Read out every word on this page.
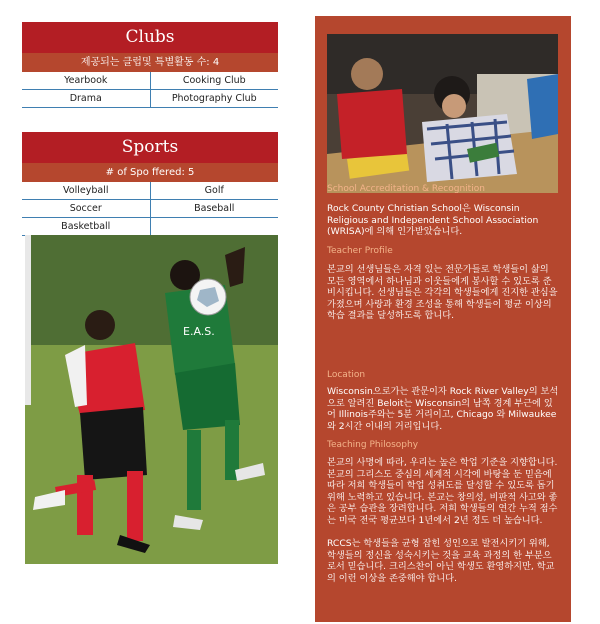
Clubs
제공되는 클럽및 특별활동 수: 4
Yearbook	Cooking Club
Drama	Photography Club
Sports
# of Spo ffered: 5
Volleyball	Golf
Soccer	Baseball
Basketball	
E.A.S.
School Accreditation & Recognition
Rock County Christian School은 Wisconsin Religious and Independent School Association (WRISA)에 의해 인가받았습니다.
Teacher Profile
본교의 선생님들은 자격 있는 전문가들로 학생들이 삶의 모든 영역에서 하나님과 이웃들에게 봉사할 수 있도록 준비시킵니다. 선생님들은 각각의 학생들에게 진지한 관심을 가졌으며 사랑과 환경 조성을 통해 학생들이 평균 이상의 학습 결과를 달성하도록 합니다.
Location
Wisconsin으로가는 관문이자 Rock River Valley의 보석으로 알려진 Beloit는 Wisconsin의 남쪽 경계 부근에 있어 Illinois주와는 5분 거리이고, Chicago 와 Milwaukee와 2시간 이내의 거리입니다.
Teaching Philosophy
본교의 사명에 따라, 우리는 높은 학업 기준을 지향합니다. 본교의 그리스도 중심의 세계적 시각에 바탕을 둔 믿음에 따라 저희 학생들이 학업 성취도를 달성할 수 있도록 돕기 위해 노력하고 있습니다. 본교는 창의성, 비판적 사고와 좋은 공부 습관을 장려합니다. 저희 학생들의 연간 누적 점수는 미국 전국 평균보다 1년에서 2년 정도 더 높습니다.
RCCS는 학생들을 균형 잡힌 성인으로 발전시키기 위해, 학생들의 정신을 성숙시키는 것을 교육 과정의 한 부분으로서 믿습니다. 크리스찬이 아닌 학생도 환영하지만, 학교의 이런 이상을 존중해야 합니다.
